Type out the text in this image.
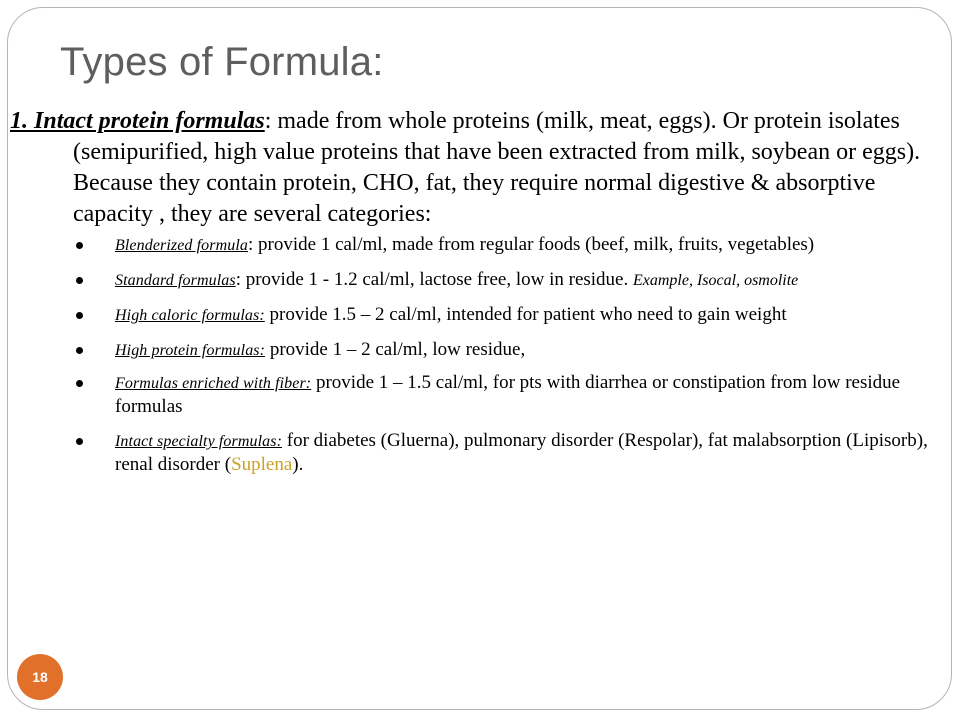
Types of Formula:

1. Intact protein formulas: made from whole proteins (milk, meat, eggs). Or protein isolates (semipurified, high value proteins that have been extracted from milk, soybean or eggs). Because they contain protein, CHO, fat, they require normal digestive & absorptive capacity , they are several categories:

Blenderized formula: provide 1 cal/ml, made from regular foods (beef, milk, fruits, vegetables)
Standard formulas: provide 1 - 1.2 cal/ml, lactose free, low in residue. Example, Isocal, osmolite
High caloric formulas: provide 1.5 – 2 cal/ml, intended for patient who need to gain weight
High protein formulas: provide 1 – 2 cal/ml, low residue,
Formulas enriched with fiber: provide 1 – 1.5 cal/ml, for pts with diarrhea or constipation from low residue formulas
Intact specialty formulas: for diabetes (Gluerna), pulmonary disorder (Respolar), fat malabsorption (Lipisorb), renal disorder (Suplena).
18
